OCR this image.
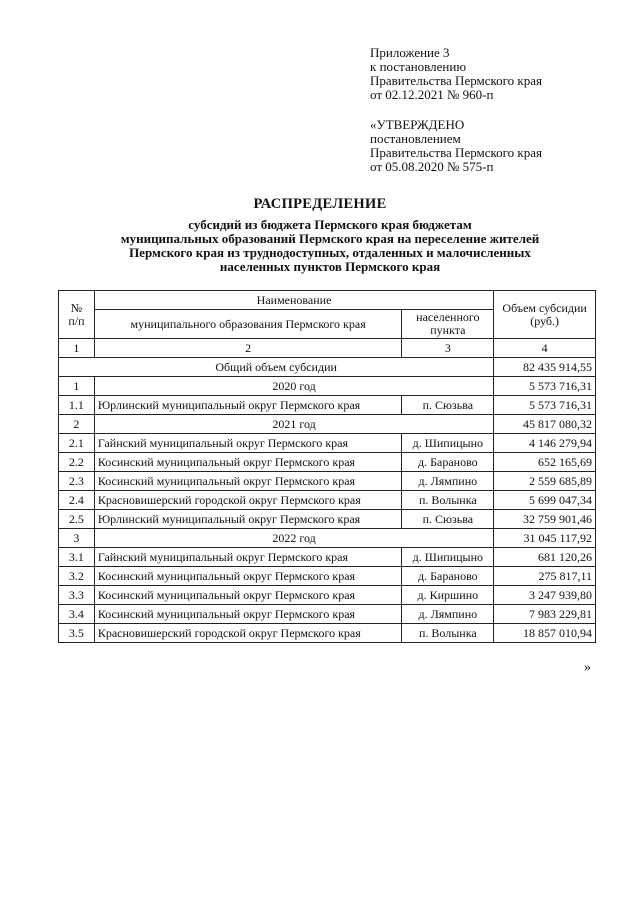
Приложение 3
к постановлению
Правительства Пермского края
от 02.12.2021 № 960-п
«УТВЕРЖДЕНО
постановлением
Правительства Пермского края
от 05.08.2020 № 575-п
РАСПРЕДЕЛЕНИЕ
субсидий из бюджета Пермского края бюджетам
муниципальных образований Пермского края на переселение жителей
Пермского края из труднодоступных, отдаленных и малочисленных
населенных пунктов Пермского края
№
п/п	Наименование		Объем субсидии
(руб.)
	муниципального образования Пермского края	населенного
пункта	
1	2	3	4
Общий объем субсидии			82 435 914,55
1	2020 год		5 573 716,31
1.1	Юрлинский муниципальный округ Пермского края	п. Сюзьва	5 573 716,31
2	2021 год		45 817 080,32
2.1	Гайнский муниципальный округ Пермского края	д. Шипицыно	4 146 279,94
2.2	Косинский муниципальный округ Пермского края	д. Бараново	652 165,69
2.3	Косинский муниципальный округ Пермского края	д. Лямпино	2 559 685,89
2.4	Красновишерский городской округ Пермского края	п. Волынка	5 699 047,34
2.5	Юрлинский муниципальный округ Пермского края	п. Сюзьва	32 759 901,46
3	2022 год		31 045 117,92
3.1	Гайнский муниципальный округ Пермского края	д. Шипицыно	681 120,26
3.2	Косинский муниципальный округ Пермского края	д. Бараново	275 817,11
3.3	Косинский муниципальный округ Пермского края	д. Киршино	3 247 939,80
3.4	Косинский муниципальный округ Пермского края	д. Лямпино	7 983 229,81
3.5	Красновишерский городской округ Пермского края	п. Волынка	18 857 010,94
»
